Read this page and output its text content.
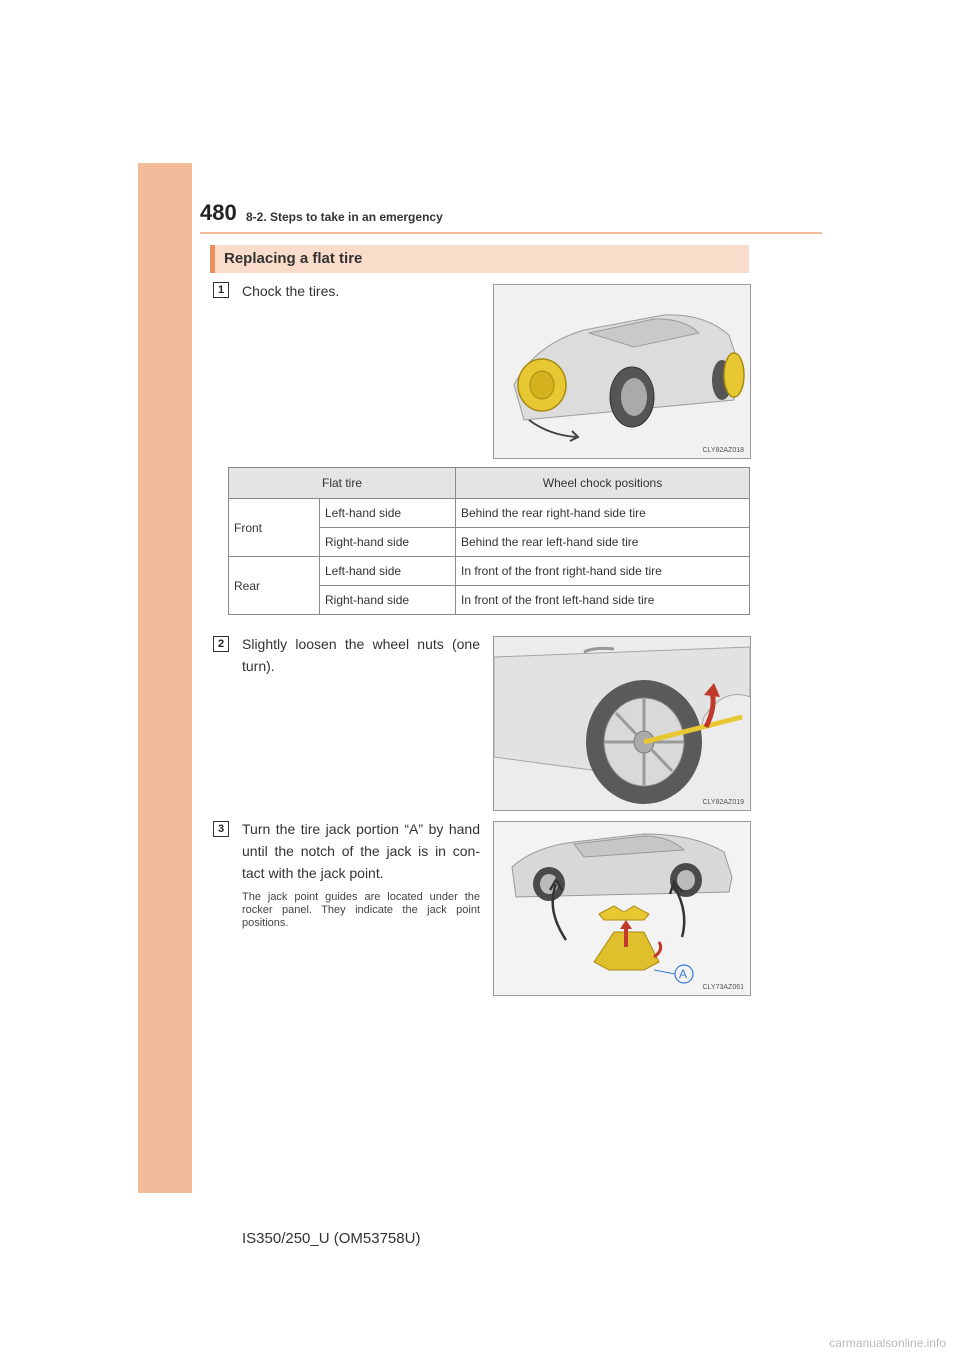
480 8-2. Steps to take in an emergency
Replacing a flat tire
1	Chock the tires.
CLY82AZ018
Flat tire		Wheel chock positions
Front	Left-hand side	Behind the rear right-hand side tire
	Right-hand side	Behind the rear left-hand side tire
Rear	Left-hand side	In front of the front right-hand side tire
	Right-hand side	In front of the front left-hand side tire
2	Slightly loosen the wheel nuts (one
turn).
CLY82AZ019
3	Turn the tire jack portion “A” by hand
until the notch of the jack is in con-
tact with the jack point.
The jack point guides are located under the rocker panel. They indicate the jack point positions.
A
CLY73AZ061
IS350/250_U (OM53758U)
carmanualsonline.info
